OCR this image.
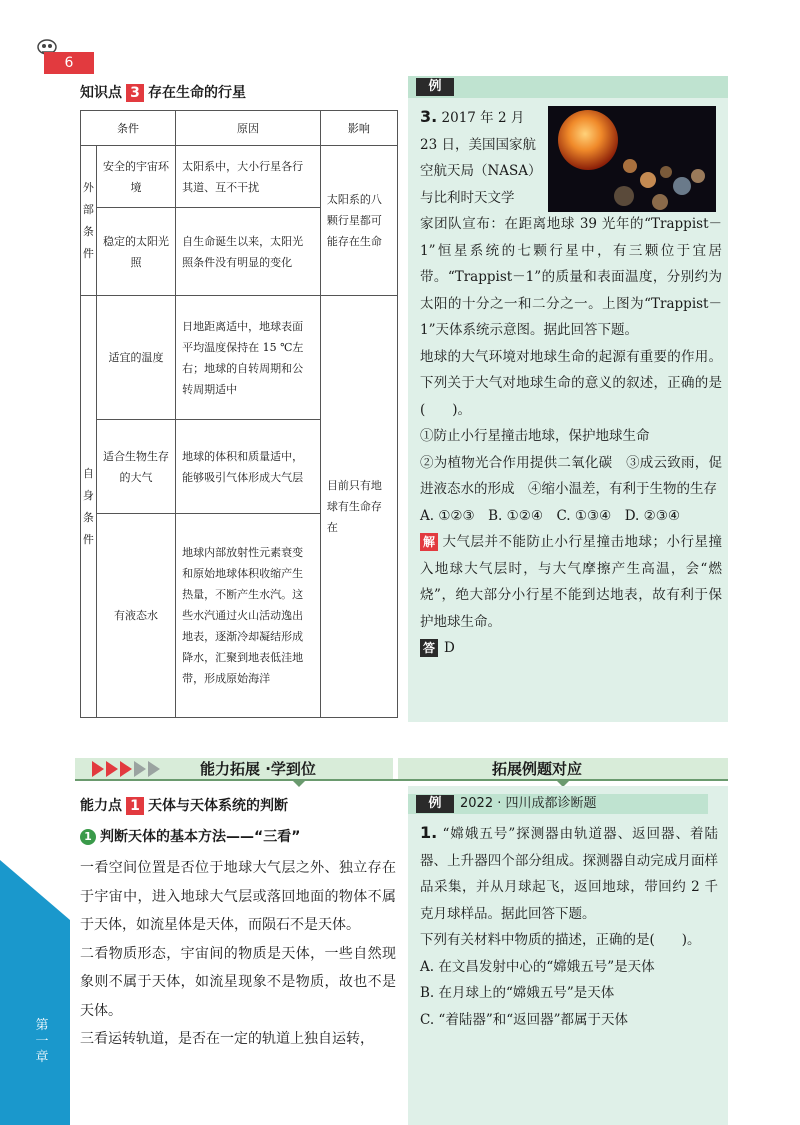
6
第一章
知识点 3 存在生命的行星
条件		原因	影响
外部条件	安全的宇宙环境	太阳系中，大小行星各行其道、互不干扰	太阳系的八颗行星都可能存在生命
	稳定的太阳光照	自生命诞生以来，太阳光照条件没有明显的变化	
自身条件	适宜的温度	日地距离适中，地球表面平均温度保持在 15 ℃左右；地球的自转周期和公转周期适中	目前只有地球有生命存在
	适合生物生存的大气	地球的体积和质量适中，能够吸引气体形成大气层	
	有液态水	地球内部放射性元素衰变和原始地球体积收缩产生热量，不断产生水汽。这些水汽通过火山活动逸出地表，逐渐冷却凝结形成降水，汇聚到地表低洼地带，形成原始海洋	
例
3. 2017 年 2 月
23 日，美国国家航
空航天局（NASA）
与比利时天文学
家团队宣布：在距离地球 39 光年的“Trappist－1”恒星系统的七颗行星中，有三颗位于宜居带。“Trappist－1”的质量和表面温度，分别约为太阳的十分之一和二分之一。上图为“Trappist－1”天体系统示意图。据此回答下题。
地球的大气环境对地球生命的起源有重要的作用。下列关于大气对地球生命的意义的叙述，正确的是(　　)。
①防止小行星撞击地球，保护地球生命
②为植物光合作用提供二氧化碳　③成云致雨，促进液态水的形成　④缩小温差，有利于生物的生存
A. ①②③　B. ①②④　C. ①③④　D. ②③④
解 大气层并不能防止小行星撞击地球；小行星撞入地球大气层时，与大气摩擦产生高温，会“燃烧”，绝大部分小行星不能到达地表，故有利于保护地球生命。
答 D
能力拓展 ·学到位	拓展例题对应
能力点 1 天体与天体系统的判断
1 判断天体的基本方法——“三看”
一看空间位置是否位于地球大气层之外、独立存在于宇宙中，进入地球大气层或落回地面的物体不属于天体，如流星体是天体，而陨石不是天体。
二看物质形态，宇宙间的物质是天体，一些自然现象则不属于天体，如流星现象不是物质，故也不是天体。
三看运转轨道，是否在一定的轨道上独自运转，
例	2022 · 四川成都诊断题
1. “嫦娥五号”探测器由轨道器、返回器、着陆器、上升器四个部分组成。探测器自动完成月面样品采集，并从月球起飞，返回地球，带回约 2 千克月球样品。据此回答下题。
下列有关材料中物质的描述，正确的是(　　)。
A. 在文昌发射中心的“嫦娥五号”是天体
B. 在月球上的“嫦娥五号”是天体
C. “着陆器”和“返回器”都属于天体
